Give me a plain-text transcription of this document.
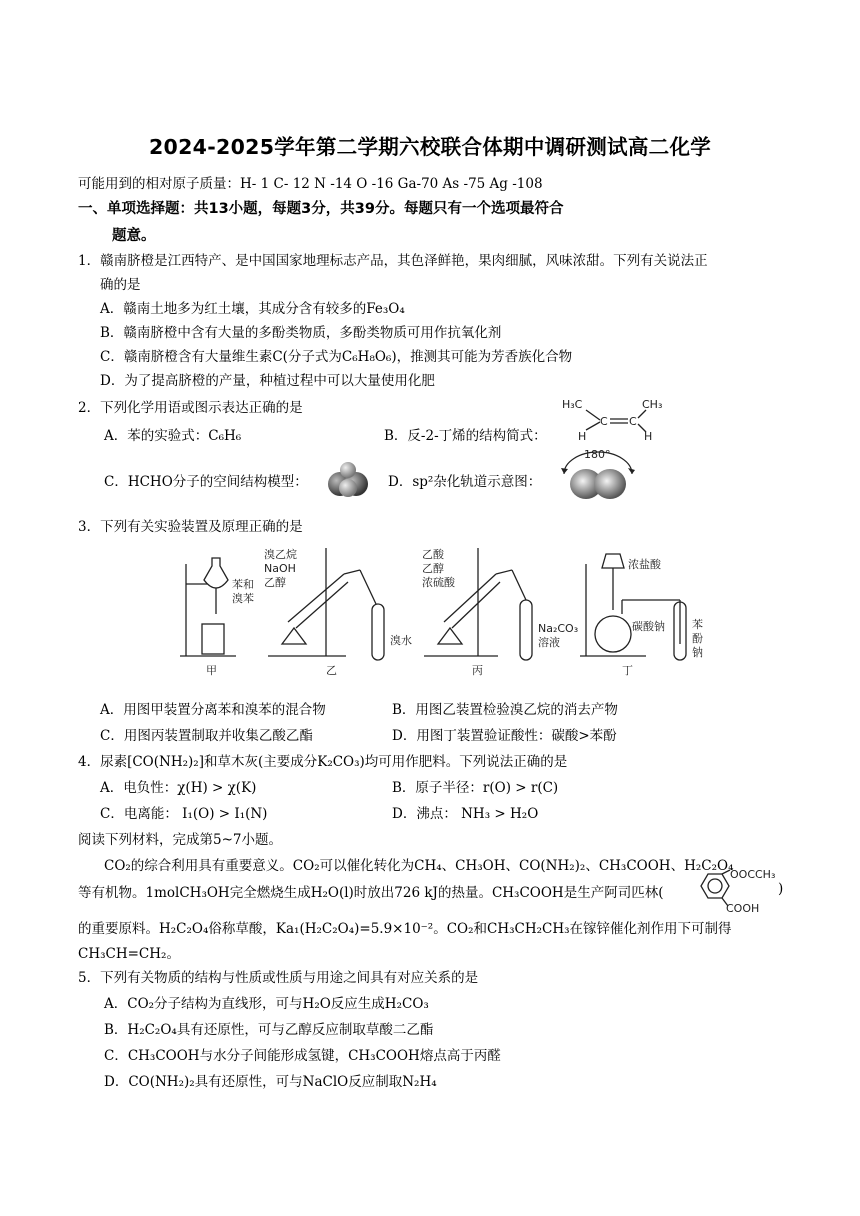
2024-2025学年第二学期六校联合体期中调研测试高二化学
可能用到的相对原子质量：H- 1 C- 12 N -14 O -16 Ga-70 As -75 Ag -108
一、单项选择题：共13小题，每题3分，共39分。每题只有一个选项最符合
题意。
1．赣南脐橙是江西特产、是中国国家地理标志产品，其色泽鲜艳，果肉细腻，风味浓甜。下列有关说法正
确的是
A．赣南土地多为红土壤，其成分含有较多的Fe₃O₄
B．赣南脐橙中含有大量的多酚类物质，多酚类物质可用作抗氧化剂
C．赣南脐橙含有大量维生素C(分子式为C₆H₈O₆)，推测其可能为芳香族化合物
D．为了提高脐橙的产量，种植过程中可以大量使用化肥
2．下列化学用语或图示表达正确的是
A．苯的实验式：C₆H₆	B．反-2-丁烯的结构简式：
H₃C	CH₃
H	H
C C
C．HCHO分子的空间结构模型：	D．sp²杂化轨道示意图：
180°
3．下列有关实验装置及原理正确的是
苯和
溴苯
甲
溴乙烷
NaOH
乙醇
溴水
乙
乙酸
乙醇
浓硫酸
Na₂CO₃
溶液
丙
浓盐酸
碳酸钠 苯
酚
钠
丁
A．用图甲装置分离苯和溴苯的混合物	B．用图乙装置检验溴乙烷的消去产物
C．用图丙装置制取并收集乙酸乙酯	D．用图丁装置验证酸性：碳酸>苯酚
4．尿素[CO(NH₂)₂]和草木灰(主要成分K₂CO₃)均可用作肥料。下列说法正确的是
A．电负性：χ(H) > χ(K)	B．原子半径：r(O) > r(C)
C．电离能： I₁(O) > I₁(N)	D．沸点： NH₃ > H₂O
阅读下列材料，完成第5~7小题。
CO₂的综合利用具有重要意义。CO₂可以催化转化为CH₄、CH₃OH、CO(NH₂)₂、CH₃COOH、H₂C₂O₄
等有机物。1molCH₃OH完全燃烧生成H₂O(l)时放出726 kJ的热量。CH₃COOH是生产阿司匹林(
OOCCH₃
COOH
)
的重要原料。H₂C₂O₄俗称草酸，Ka₁(H₂C₂O₄)=5.9×10⁻²。CO₂和CH₃CH₂CH₃在镓锌催化剂作用下可制得
CH₃CH=CH₂。
5．下列有关物质的结构与性质或性质与用途之间具有对应关系的是
A．CO₂分子结构为直线形，可与H₂O反应生成H₂CO₃
B．H₂C₂O₄具有还原性，可与乙醇反应制取草酸二乙酯
C．CH₃COOH与水分子间能形成氢键，CH₃COOH熔点高于丙醛
D．CO(NH₂)₂具有还原性，可与NaClO反应制取N₂H₄
